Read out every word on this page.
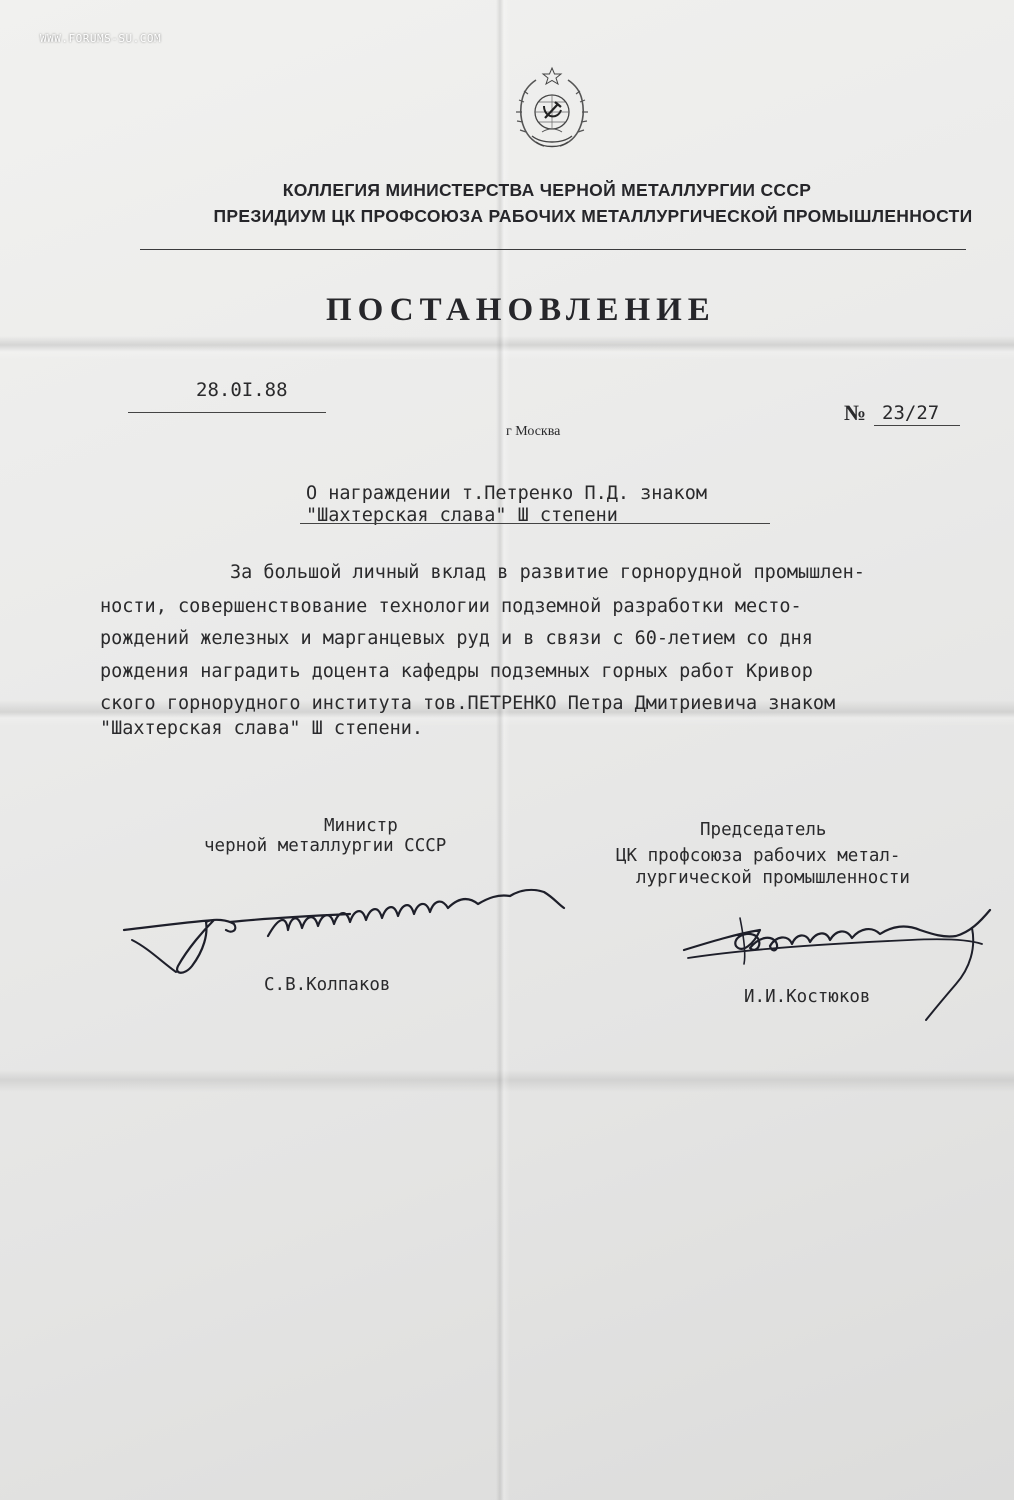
WWW.FORUMS-SU.COM
КОЛЛЕГИЯ МИНИСТЕРСТВА ЧЕРНОЙ МЕТАЛЛУРГИИ СССР
ПРЕЗИДИУМ ЦК ПРОФСОЮЗА РАБОЧИХ МЕТАЛЛУРГИЧЕСКОЙ ПРОМЫШЛЕННОСТИ
ПОСТАНОВЛЕНИЕ
28.0I.88
г Москва
№ 23/27
О награждении т.Петренко П.Д. знаком
"Шахтерская слава" Ш степени
За большой личный вклад в развитие горнорудной промышлен-
ности, совершенствование технологии подземной разработки место-
рождений железных и марганцевых руд и в связи с 60-летием со дня
рождения наградить доцента кафедры подземных горных работ Кривор
ского горнорудного института тов.ПЕТРЕНКО Петра Дмитриевича знаком
"Шахтерская слава" Ш степени.
Министр
черной металлургии СССР
Председатель
ЦК профсоюза рабочих метал-
лургической промышленности
С.В.Колпаков
И.И.Костюков
